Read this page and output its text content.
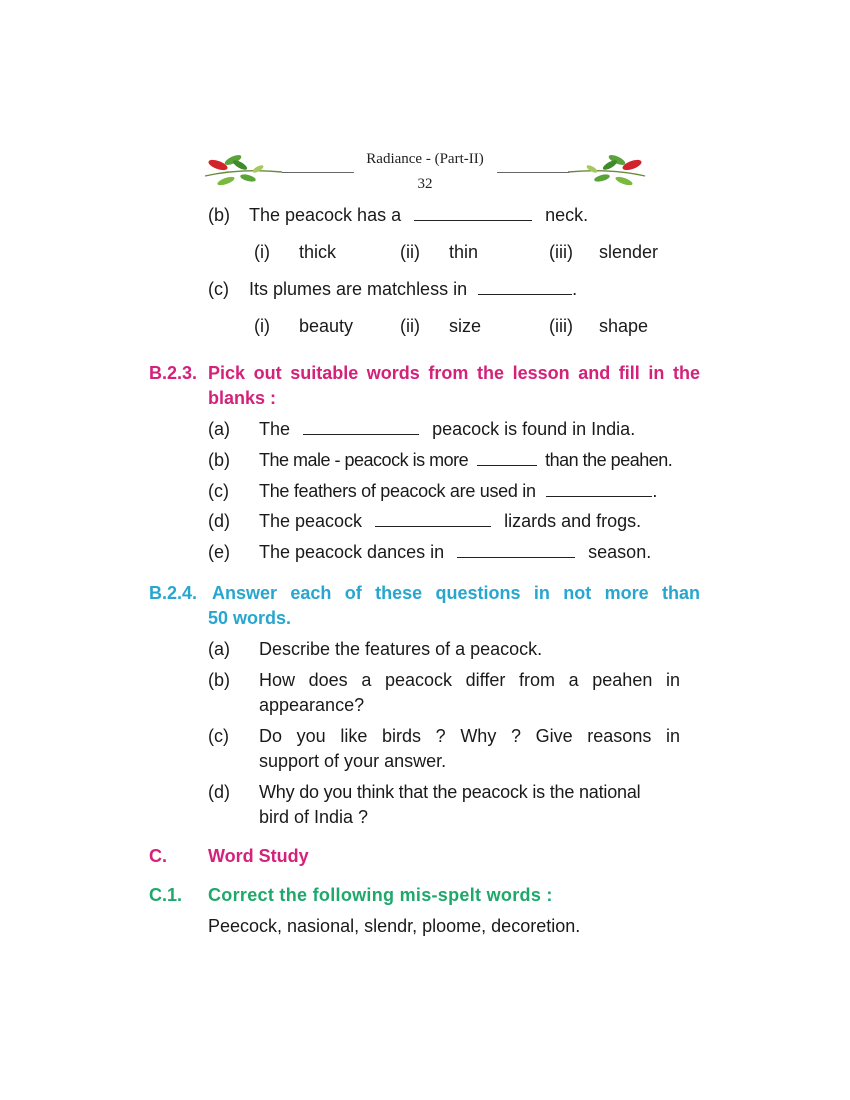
Radiance - (Part-II)
32
(b) The peacock has a	neck.
(i) thick	(ii) thin	(iii) slender
(c) Its plumes are matchless in	.
(i) beauty	(ii) size	(iii) shape
B.2.3. Pick out suitable words from the lesson and fill in the
blanks :
(a) The	peacock is found in India.
(b) The male - peacock is more	than the peahen.
(c) The feathers of peacock are used in	.
(d) The peacock	lizards and frogs.
(e) The peacock dances in	season.
B.2.4. Answer each of these questions in not more than
50 words.
(a) Describe the features of a peacock.
(b) How does a peacock differ from a peahen in
appearance?
(c) Do you like birds ? Why ? Give reasons in
support of your answer.
(d) Why do you think that the peacock is the national
bird of India ?
C. Word Study
C.1. Correct the following mis-spelt words :
Peecock, nasional, slendr, ploome, decoretion.
